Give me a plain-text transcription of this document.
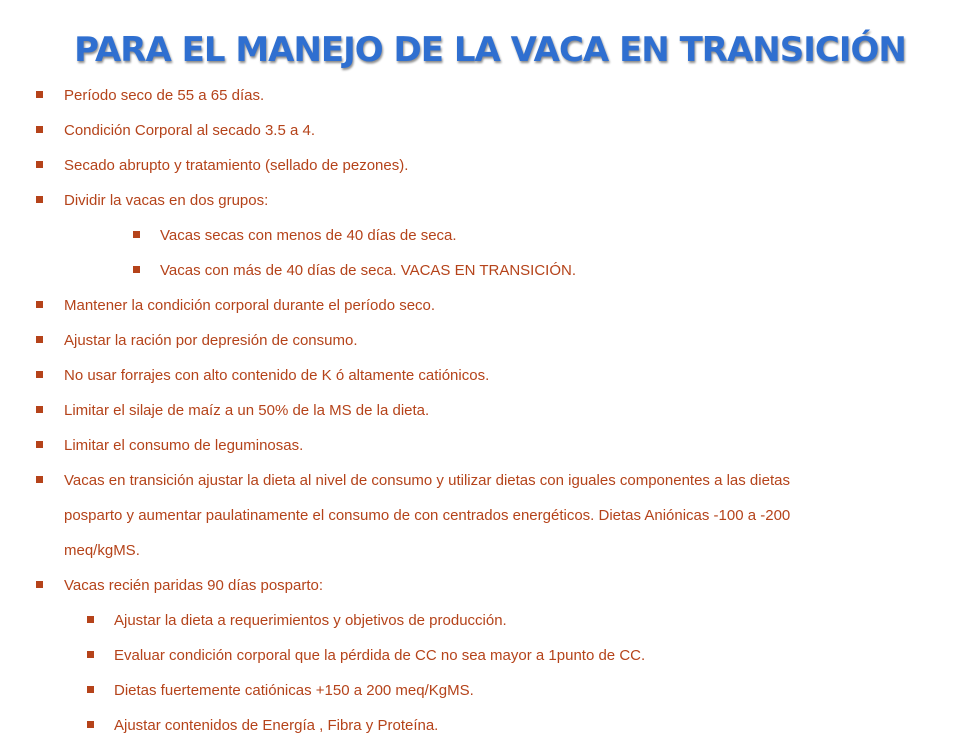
PARA EL MANEJO DE LA VACA EN TRANSICIÓN
Período seco de 55 a 65 días.
Condición Corporal al secado 3.5 a 4.
Secado abrupto y tratamiento (sellado de pezones).
Dividir la vacas en dos grupos:
Vacas secas con menos de 40 días de seca.
Vacas con más de 40 días de seca. VACAS EN TRANSICIÓN.
Mantener la condición corporal durante el período seco.
Ajustar la ración por depresión de consumo.
No usar forrajes con alto contenido de K ó altamente catiónicos.
Limitar el silaje de maíz a un 50% de la MS de la dieta.
Limitar el consumo de leguminosas.
Vacas en transición ajustar la dieta al nivel de consumo y utilizar dietas con iguales componentes a las dietas
posparto y aumentar paulatinamente el consumo de con centrados energéticos. Dietas Aniónicas -100 a -200
meq/kgMS.
Vacas recién paridas 90 días posparto:
Ajustar la dieta a requerimientos y objetivos de producción.
Evaluar condición corporal que la pérdida de CC no sea mayor a 1punto de CC.
Dietas fuertemente catiónicas +150 a 200 meq/KgMS.
Ajustar contenidos de Energía , Fibra y Proteína.
